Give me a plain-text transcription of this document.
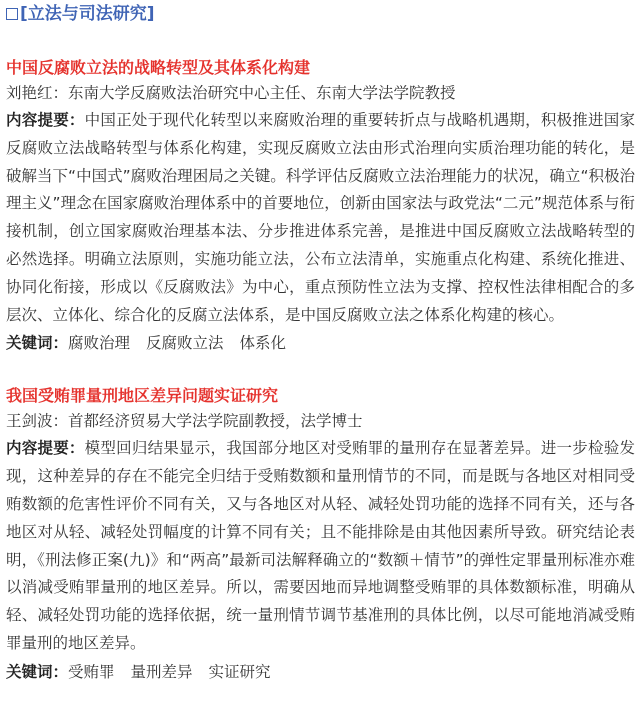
[立法与司法研究]

中国反腐败立法的战略转型及其体系化构建

刘艳红：东南大学反腐败法治研究中心主任、东南大学法学院教授

内容提要：中国正处于现代化转型以来腐败治理的重要转折点与战略机遇期，积极推进国家反腐败立法战略转型与体系化构建，实现反腐败立法由形式治理向实质治理功能的转化，是破解当下“中国式”腐败治理困局之关键。科学评估反腐败立法治理能力的状况，确立“积极治理主义”理念在国家腐败治理体系中的首要地位，创新由国家法与政党法“二元”规范体系与衔接机制，创立国家腐败治理基本法、分步推进体系完善，是推进中国反腐败立法战略转型的必然选择。明确立法原则，实施功能立法，公布立法清单，实施重点化构建、系统化推进、协同化衔接，形成以《反腐败法》为中心，重点预防性立法为支撑、控权性法律相配合的多层次、立体化、综合化的反腐立法体系，是中国反腐败立法之体系化构建的核心。

关键词：腐败治理 反腐败立法 体系化

我国受贿罪量刑地区差异问题实证研究

王剑波：首都经济贸易大学法学院副教授，法学博士

内容提要：模型回归结果显示，我国部分地区对受贿罪的量刑存在显著差异。进一步检验发现，这种差异的存在不能完全归结于受贿数额和量刑情节的不同，而是既与各地区对相同受贿数额的危害性评价不同有关，又与各地区对从轻、减轻处罚功能的选择不同有关，还与各地区对从轻、减轻处罚幅度的计算不同有关；且不能排除是由其他因素所导致。研究结论表明，《刑法修正案(九)》和“两高”最新司法解释确立的“数额＋情节”的弹性定罪量刑标准亦难以消减受贿罪量刑的地区差异。所以，需要因地而异地调整受贿罪的具体数额标准，明确从轻、减轻处罚功能的选择依据，统一量刑情节调节基准刑的具体比例，以尽可能地消减受贿罪量刑的地区差异。

关键词：受贿罪 量刑差异 实证研究
